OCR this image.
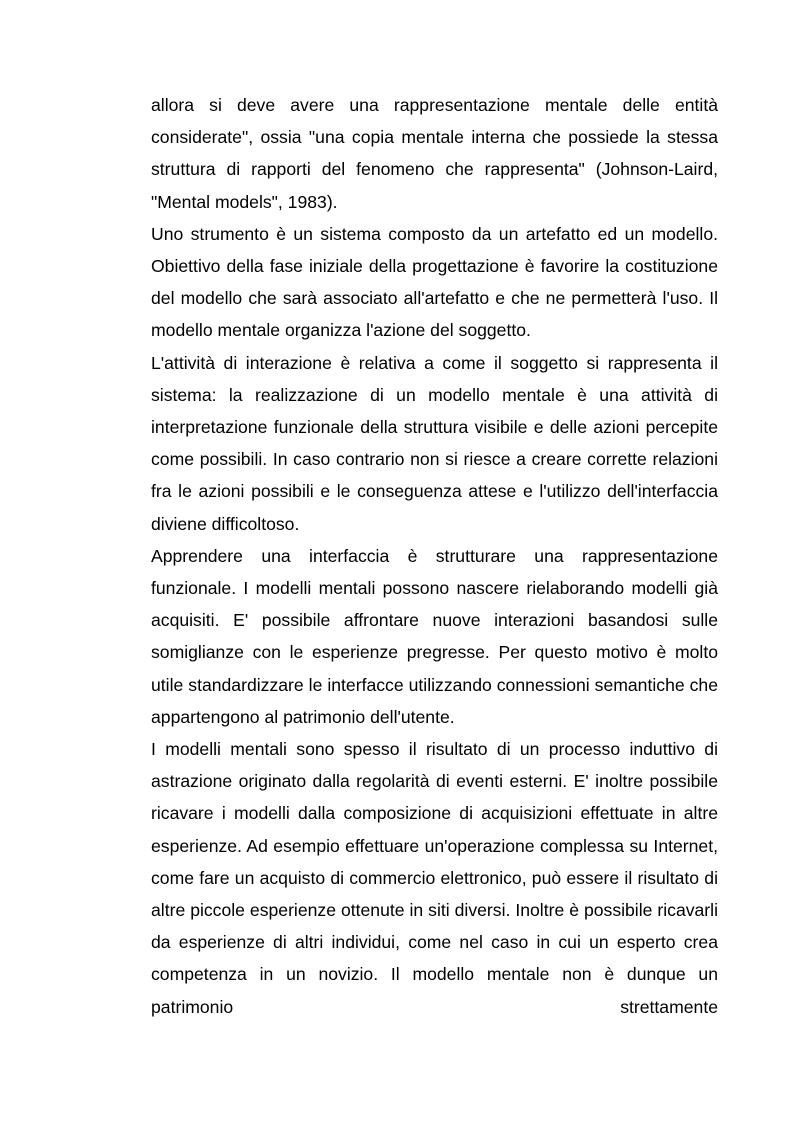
allora si deve avere una rappresentazione mentale delle entità considerate", ossia "una copia mentale interna che possiede la stessa struttura di rapporti del fenomeno che rappresenta" (Johnson-Laird, "Mental models", 1983).

Uno strumento è un sistema composto da un artefatto ed un modello. Obiettivo della fase iniziale della progettazione è favorire la costituzione del modello che sarà associato all'artefatto e che ne permetterà l'uso. Il modello mentale organizza l'azione del soggetto.

L'attività di interazione è relativa a come il soggetto si rappresenta il sistema: la realizzazione di un modello mentale è una attività di interpretazione funzionale della struttura visibile e delle azioni percepite come possibili. In caso contrario non si riesce a creare corrette relazioni fra le azioni possibili e le conseguenza attese e l'utilizzo dell'interfaccia diviene difficoltoso.

Apprendere una interfaccia è strutturare una rappresentazione funzionale. I modelli mentali possono nascere rielaborando modelli già acquisiti. E' possibile affrontare nuove interazioni basandosi sulle somiglianze con le esperienze pregresse. Per questo motivo è molto utile standardizzare le interfacce utilizzando connessioni semantiche che appartengono al patrimonio dell'utente.

I modelli mentali sono spesso il risultato di un processo induttivo di astrazione originato dalla regolarità di eventi esterni. E' inoltre possibile ricavare i modelli dalla composizione di acquisizioni effettuate in altre esperienze. Ad esempio effettuare un'operazione complessa su Internet, come fare un acquisto di commercio elettronico, può essere il risultato di altre piccole esperienze ottenute in siti diversi. Inoltre è possibile ricavarli da esperienze di altri individui, come nel caso in cui un esperto crea competenza in un novizio. Il modello mentale non è dunque un patrimonio strettamente
